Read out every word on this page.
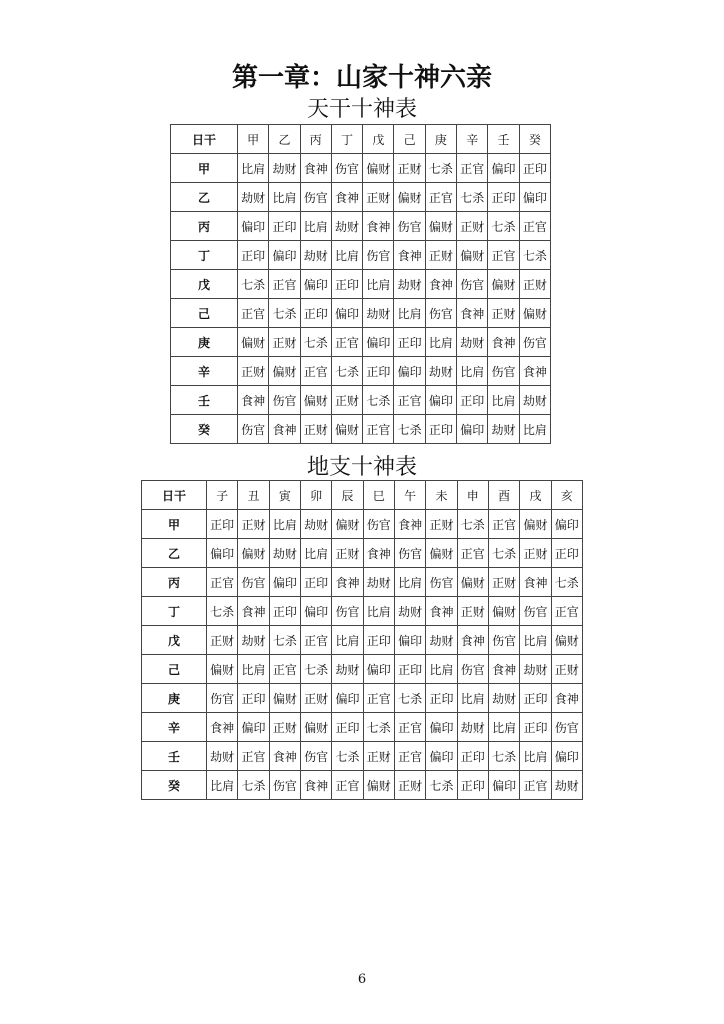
第一章：山家十神六亲
天干十神表
日干	甲	乙	丙	丁	戊	己	庚	辛	壬	癸
甲	比肩	劫财	食神	伤官	偏财	正财	七杀	正官	偏印	正印
乙	劫财	比肩	伤官	食神	正财	偏财	正官	七杀	正印	偏印
丙	偏印	正印	比肩	劫财	食神	伤官	偏财	正财	七杀	正官
丁	正印	偏印	劫财	比肩	伤官	食神	正财	偏财	正官	七杀
戊	七杀	正官	偏印	正印	比肩	劫财	食神	伤官	偏财	正财
己	正官	七杀	正印	偏印	劫财	比肩	伤官	食神	正财	偏财
庚	偏财	正财	七杀	正官	偏印	正印	比肩	劫财	食神	伤官
辛	正财	偏财	正官	七杀	正印	偏印	劫财	比肩	伤官	食神
壬	食神	伤官	偏财	正财	七杀	正官	偏印	正印	比肩	劫财
癸	伤官	食神	正财	偏财	正官	七杀	正印	偏印	劫财	比肩
地支十神表
日干	子	丑	寅	卯	辰	巳	午	未	申	酉	戌	亥
甲	正印	正财	比肩	劫财	偏财	伤官	食神	正财	七杀	正官	偏财	偏印
乙	偏印	偏财	劫财	比肩	正财	食神	伤官	偏财	正官	七杀	正财	正印
丙	正官	伤官	偏印	正印	食神	劫财	比肩	伤官	偏财	正财	食神	七杀
丁	七杀	食神	正印	偏印	伤官	比肩	劫财	食神	正财	偏财	伤官	正官
戊	正财	劫财	七杀	正官	比肩	正印	偏印	劫财	食神	伤官	比肩	偏财
己	偏财	比肩	正官	七杀	劫财	偏印	正印	比肩	伤官	食神	劫财	正财
庚	伤官	正印	偏财	正财	偏印	正官	七杀	正印	比肩	劫财	正印	食神
辛	食神	偏印	正财	偏财	正印	七杀	正官	偏印	劫财	比肩	正印	伤官
壬	劫财	正官	食神	伤官	七杀	正财	正官	偏印	正印	七杀	比肩	偏印
癸	比肩	七杀	伤官	食神	正官	偏财	正财	七杀	正印	偏印	正官	劫财
6
